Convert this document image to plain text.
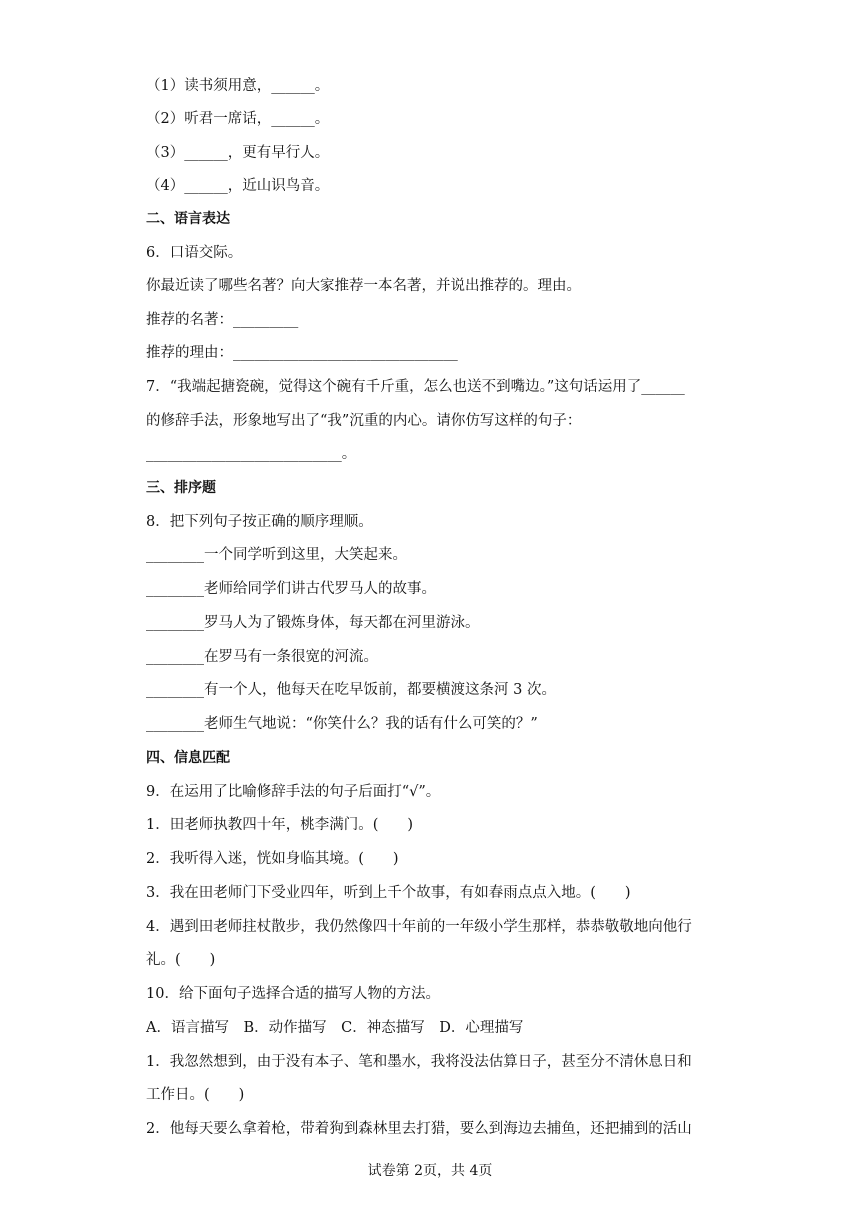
（1）读书须用意，______。
（2）听君一席话，______。
（3）______，更有早行人。
（4）______，近山识鸟音。
二、语言表达
6．口语交际。
你最近读了哪些名著？向大家推荐一本名著，并说出推荐的。理由。
推荐的名著：_________
推荐的理由：_______________________________
7．“我端起搪瓷碗，觉得这个碗有千斤重，怎么也送不到嘴边。”这句话运用了______
的修辞手法，形象地写出了“我”沉重的内心。请你仿写这样的句子：
___________________________。
三、排序题
8．把下列句子按正确的顺序理顺。
________一个同学听到这里，大笑起来。
________老师给同学们讲古代罗马人的故事。
________罗马人为了锻炼身体，每天都在河里游泳。
________在罗马有一条很宽的河流。
________有一个人，他每天在吃早饭前，都要横渡这条河 3 次。
________老师生气地说：“你笑什么？我的话有什么可笑的？”
四、信息匹配
9．在运用了比喻修辞手法的句子后面打“√”。
1．田老师执教四十年，桃李满门。(　　)
2．我听得入迷，恍如身临其境。(　　)
3．我在田老师门下受业四年，听到上千个故事，有如春雨点点入地。(　　)
4．遇到田老师拄杖散步，我仍然像四十年前的一年级小学生那样，恭恭敬敬地向他行
礼。(　　)
10．给下面句子选择合适的描写人物的方法。
A．语言描写　B．动作描写　C．神态描写　D．心理描写
1．我忽然想到，由于没有本子、笔和墨水，我将没法估算日子，甚至分不清休息日和
工作日。(　　)
2．他每天要么拿着枪，带着狗到森林里去打猎，要么到海边去捕鱼，还把捕到的活山
试卷第 2页，共 4页
